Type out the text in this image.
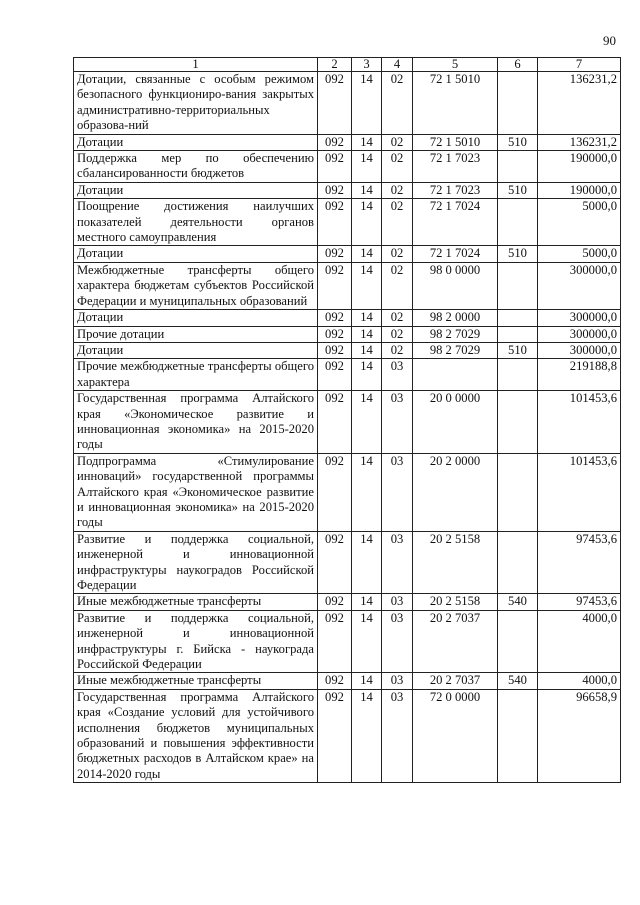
90
1	2	3	4	5	6	7
Дотации, связанные с особым режимом безопасного функциониро-вания закрытых административно-территориальных образова-ний	092	14	02	72 1 5010		136231,2
Дотации	092	14	02	72 1 5010	510	136231,2
Поддержка мер по обеспечению сбалансированности бюджетов	092	14	02	72 1 7023		190000,0
Дотации	092	14	02	72 1 7023	510	190000,0
Поощрение достижения наилучших показателей деятельности органов местного самоуправления	092	14	02	72 1 7024		5000,0
Дотации	092	14	02	72 1 7024	510	5000,0
Межбюджетные трансферты общего характера бюджетам субъектов Российской Федерации и муниципальных образований	092	14	02	98 0 0000		300000,0
Дотации	092	14	02	98 2 0000		300000,0
Прочие дотации	092	14	02	98 2 7029		300000,0
Дотации	092	14	02	98 2 7029	510	300000,0
Прочие межбюджетные трансферты общего характера	092	14	03			219188,8
Государственная программа Алтайского края «Экономическое развитие и инновационная экономика» на 2015-2020 годы	092	14	03	20 0 0000		101453,6
Подпрограмма «Стимулирование инноваций» государственной программы Алтайского края «Экономическое развитие и инновационная экономика» на 2015-2020 годы	092	14	03	20 2 0000		101453,6
Развитие и поддержка социальной, инженерной и инновационной инфраструктуры наукоградов Российской Федерации	092	14	03	20 2 5158		97453,6
Иные межбюджетные трансферты	092	14	03	20 2 5158	540	97453,6
Развитие и поддержка социальной, инженерной и инновационной инфраструктуры г. Бийска - наукограда Российской Федерации	092	14	03	20 2 7037		4000,0
Иные межбюджетные трансферты	092	14	03	20 2 7037	540	4000,0
Государственная программа Алтайского края «Создание условий для устойчивого исполнения бюджетов муниципальных образований и повышения эффективности бюджетных расходов в Алтайском крае» на 2014-2020 годы	092	14	03	72 0 0000		96658,9
